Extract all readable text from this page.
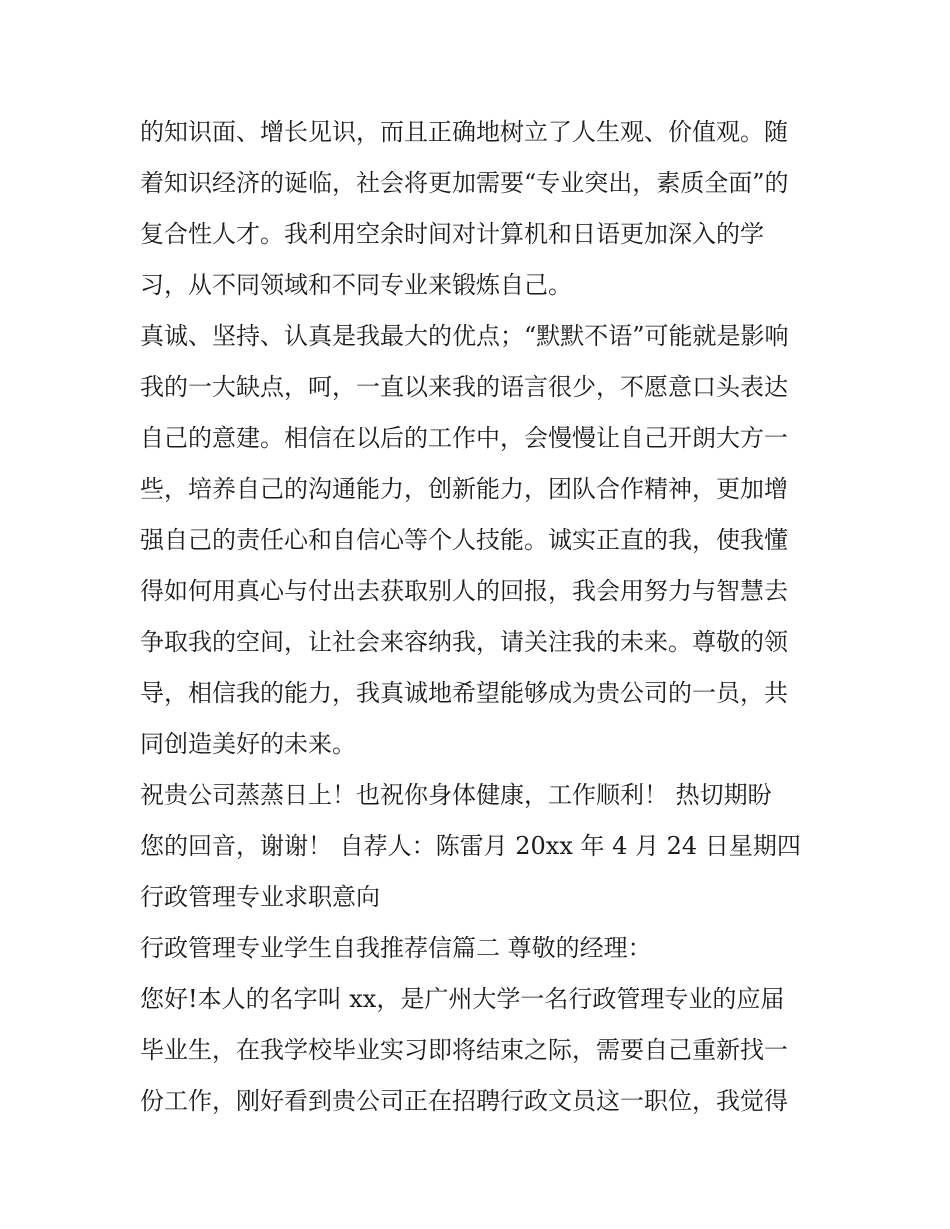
的知识面、增长见识，而且正确地树立了人生观、价值观。随
着知识经济的诞临，社会将更加需要“专业突出，素质全面”的
复合性人才。我利用空余时间对计算机和日语更加深入的学
习，从不同领域和不同专业来锻炼自己。
真诚、坚持、认真是我最大的优点；“默默不语”可能就是影响
我的一大缺点，呵，一直以来我的语言很少，不愿意口头表达
自己的意建。相信在以后的工作中，会慢慢让自己开朗大方一
些，培养自己的沟通能力，创新能力，团队合作精神，更加增
强自己的责任心和自信心等个人技能。诚实正直的我，使我懂
得如何用真心与付出去获取别人的回报，我会用努力与智慧去
争取我的空间，让社会来容纳我，请关注我的未来。尊敬的领
导，相信我的能力，我真诚地希望能够成为贵公司的一员，共
同创造美好的未来。
祝贵公司蒸蒸日上！也祝你身体健康，工作顺利！ 热切期盼
您的回音，谢谢！ 自荐人：陈雷月 20xx 年 4 月 24 日星期四
行政管理专业求职意向
行政管理专业学生自我推荐信篇二 尊敬的经理：
您好!本人的名字叫 xx，是广州大学一名行政管理专业的应届
毕业生，在我学校毕业实习即将结束之际，需要自己重新找一
份工作，刚好看到贵公司正在招聘行政文员这一职位，我觉得
